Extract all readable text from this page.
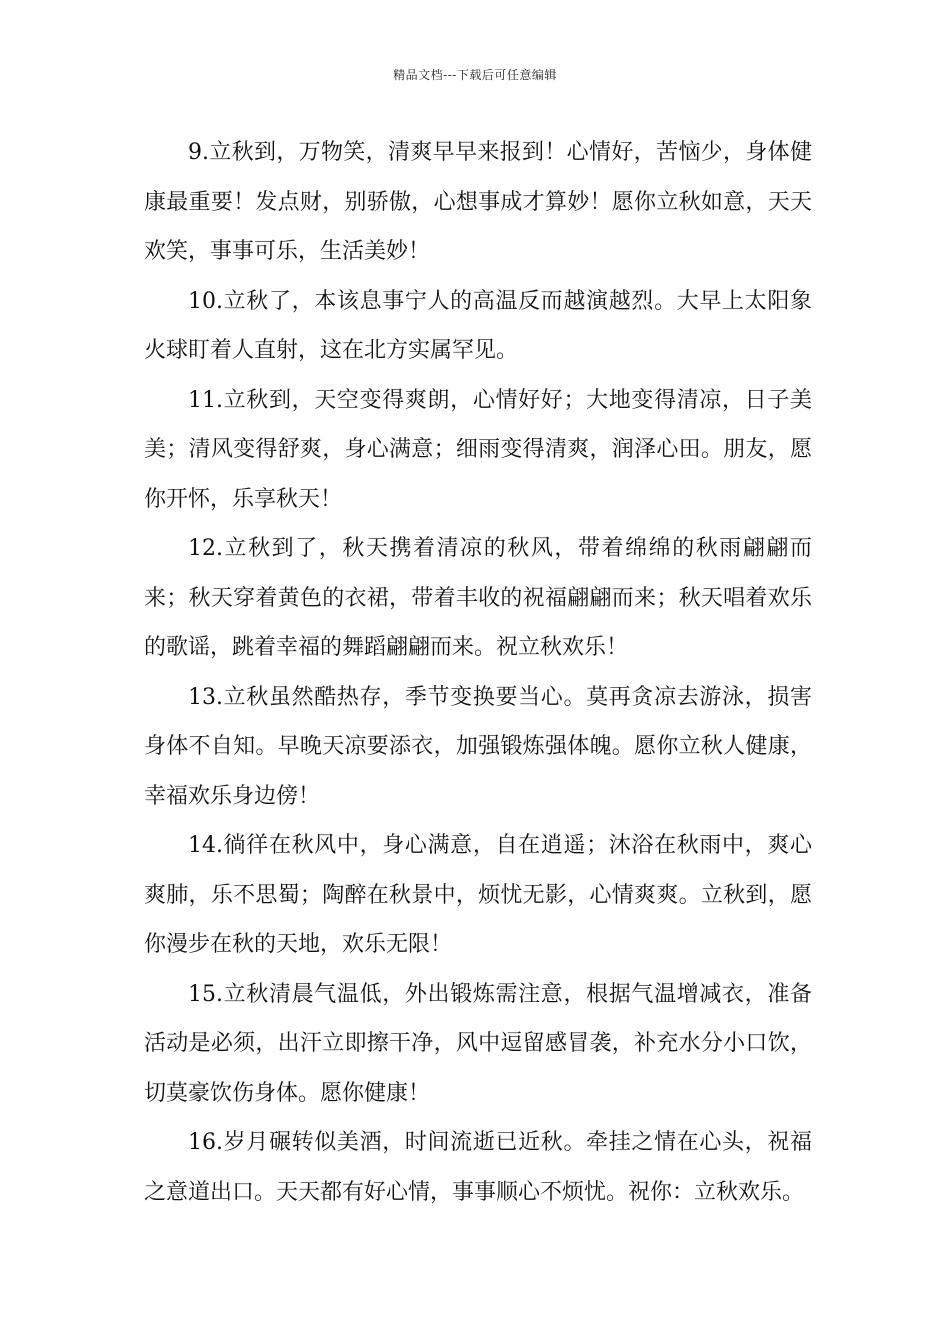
精品文档---下载后可任意编辑

9.立秋到，万物笑，清爽早早来报到！心情好，苦恼少，身体健康最重要！发点财，别骄傲，心想事成才算妙！愿你立秋如意，天天欢笑，事事可乐，生活美妙！

10.立秋了，本该息事宁人的高温反而越演越烈。大早上太阳象火球盯着人直射，这在北方实属罕见。

11.立秋到，天空变得爽朗，心情好好；大地变得清凉，日子美美；清风变得舒爽，身心满意；细雨变得清爽，润泽心田。朋友，愿你开怀，乐享秋天！

12.立秋到了，秋天携着清凉的秋风，带着绵绵的秋雨翩翩而来；秋天穿着黄色的衣裙，带着丰收的祝福翩翩而来；秋天唱着欢乐的歌谣，跳着幸福的舞蹈翩翩而来。祝立秋欢乐！

13.立秋虽然酷热存，季节变换要当心。莫再贪凉去游泳，损害身体不自知。早晚天凉要添衣，加强锻炼强体魄。愿你立秋人健康，幸福欢乐身边傍！

14.徜徉在秋风中，身心满意，自在逍遥；沐浴在秋雨中，爽心爽肺，乐不思蜀；陶醉在秋景中，烦忧无影，心情爽爽。立秋到，愿你漫步在秋的天地，欢乐无限！

15.立秋清晨气温低，外出锻炼需注意，根据气温增减衣，准备活动是必须，出汗立即擦干净，风中逗留感冒袭，补充水分小口饮，切莫豪饮伤身体。愿你健康！

16.岁月碾转似美酒，时间流逝已近秋。牵挂之情在心头，祝福之意道出口。天天都有好心情，事事顺心不烦忧。祝你：立秋欢乐。
